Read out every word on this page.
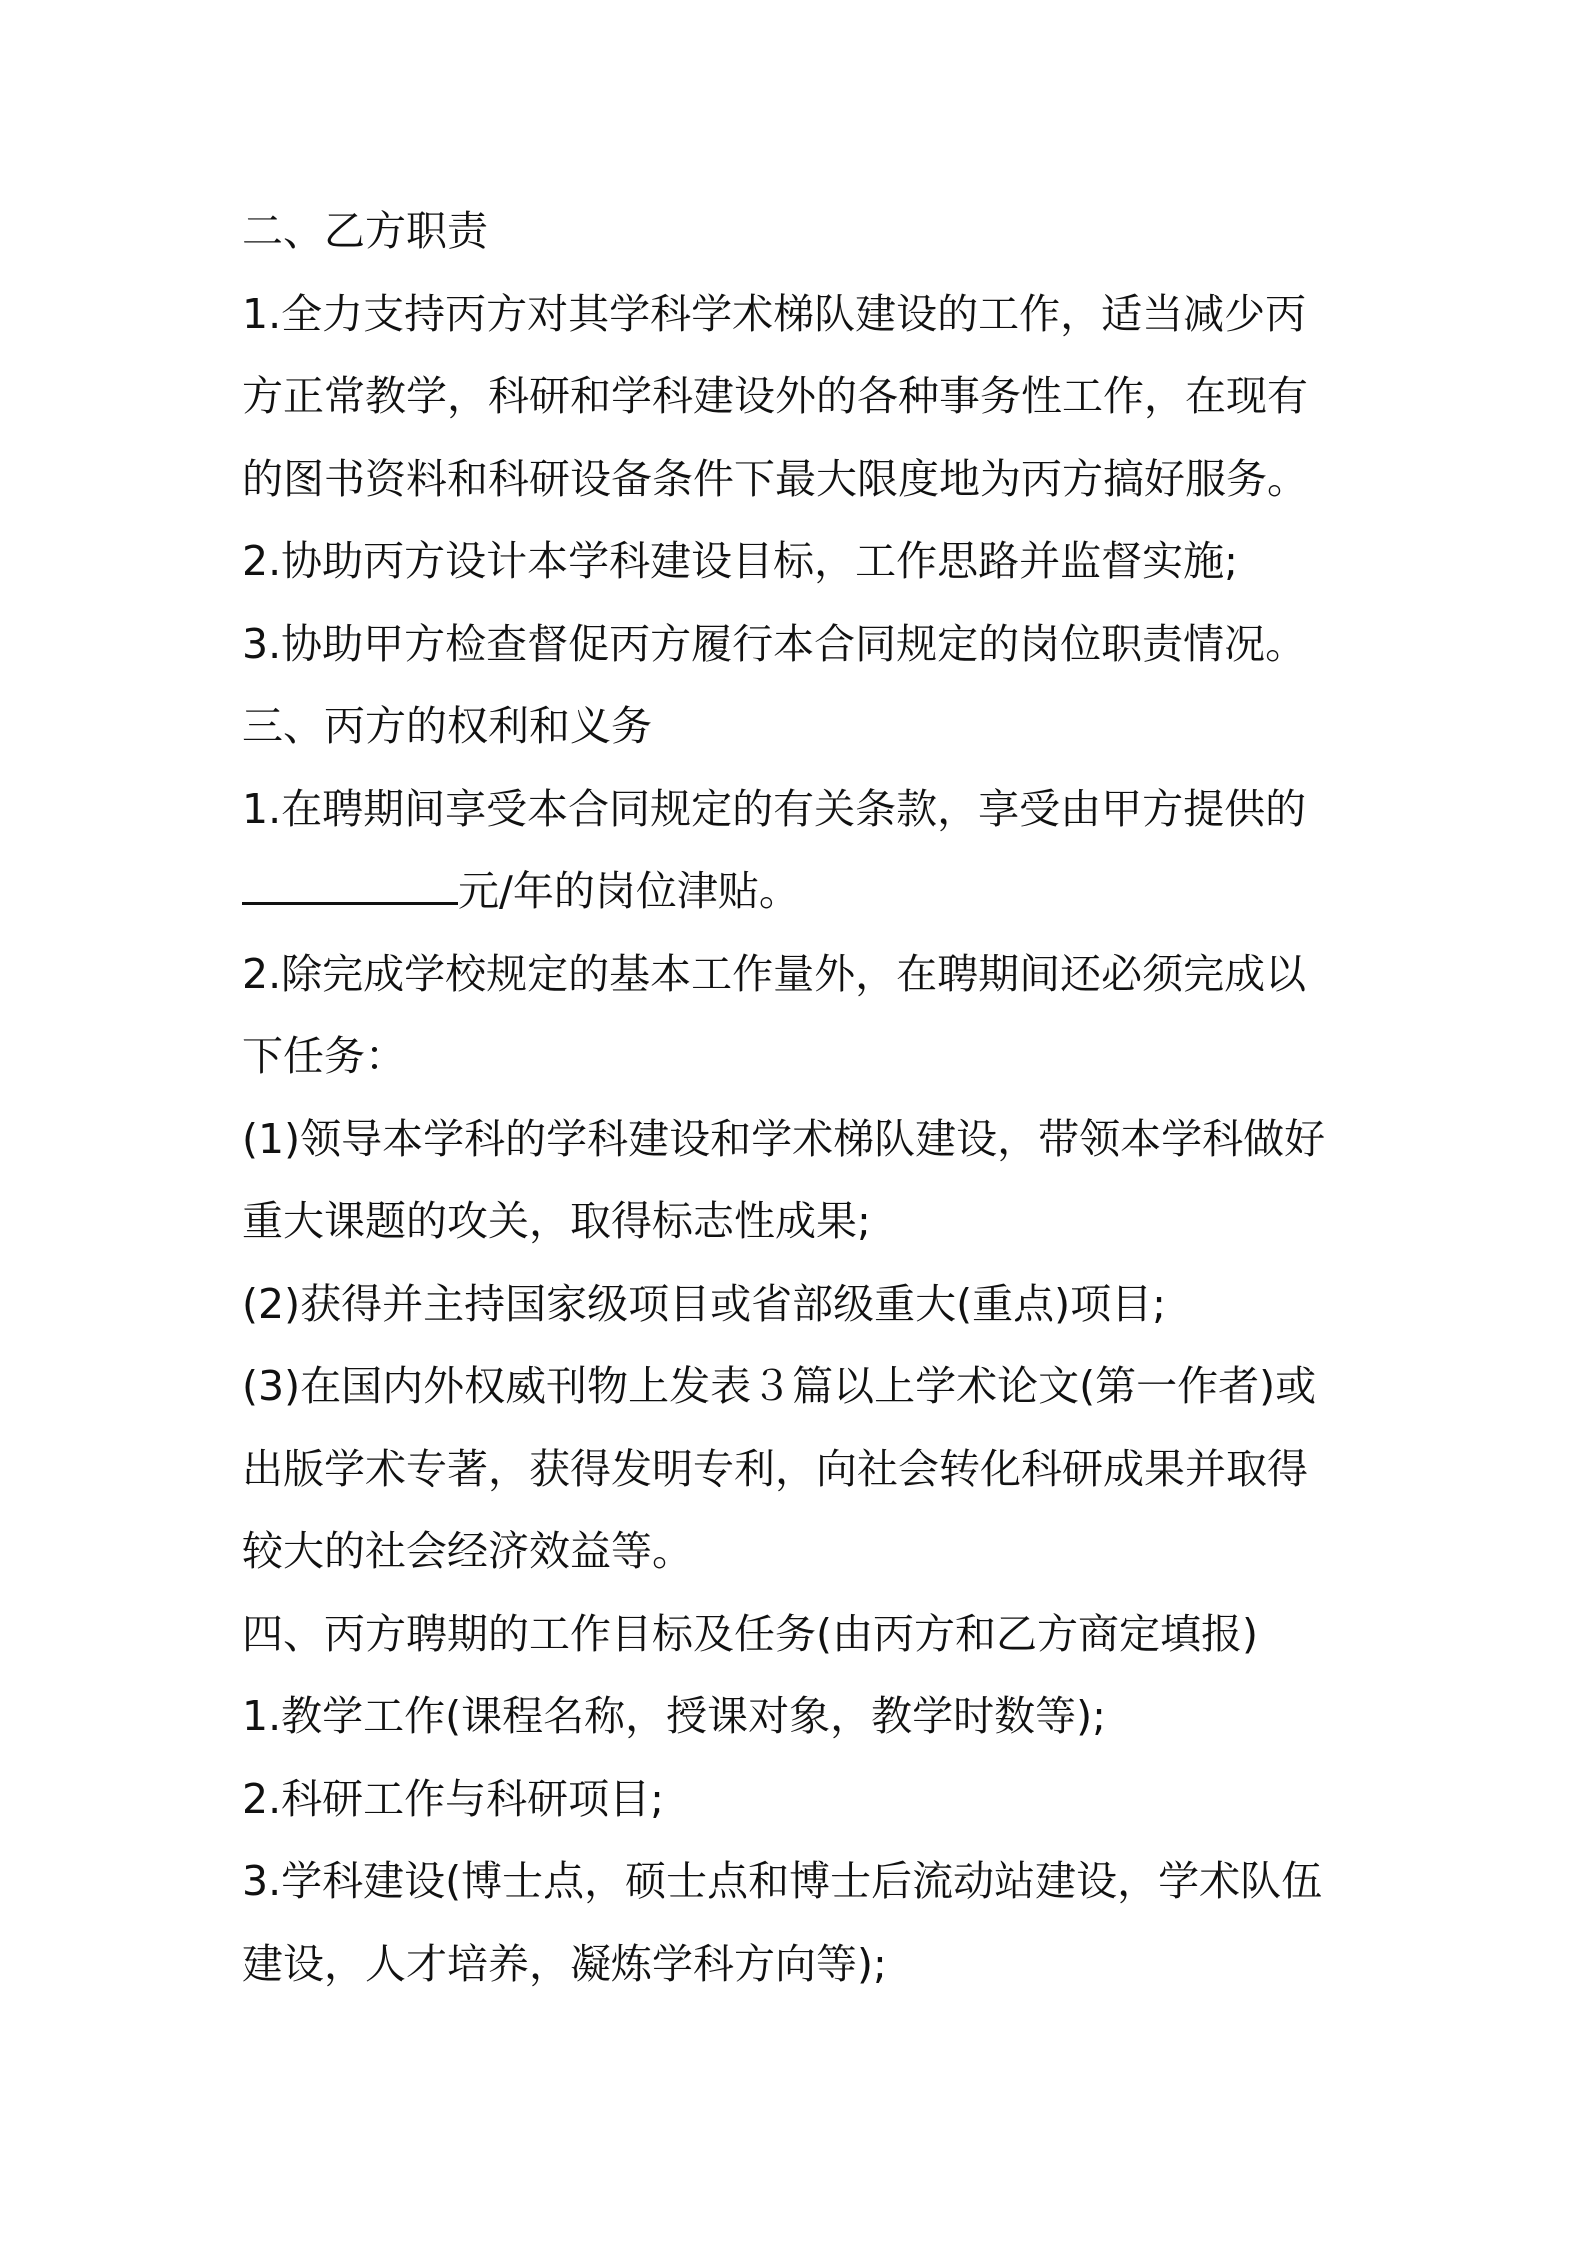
二、乙方职责
1.全力支持丙方对其学科学术梯队建设的工作，适当减少丙
方正常教学，科研和学科建设外的各种事务性工作，在现有
的图书资料和科研设备条件下最大限度地为丙方搞好服务。
2.协助丙方设计本学科建设目标，工作思路并监督实施;
3.协助甲方检查督促丙方履行本合同规定的岗位职责情况。
三、丙方的权利和义务
1.在聘期间享受本合同规定的有关条款，享受由甲方提供的
元/年的岗位津贴。
2.除完成学校规定的基本工作量外，在聘期间还必须完成以
下任务：
(1)领导本学科的学科建设和学术梯队建设，带领本学科做好
重大课题的攻关，取得标志性成果;
(2)获得并主持国家级项目或省部级重大(重点)项目;
(3)在国内外权威刊物上发表３篇以上学术论文(第一作者)或
出版学术专著，获得发明专利，向社会转化科研成果并取得
较大的社会经济效益等。
四、丙方聘期的工作目标及任务(由丙方和乙方商定填报)
1.教学工作(课程名称，授课对象，教学时数等);
2.科研工作与科研项目;
3.学科建设(博士点，硕士点和博士后流动站建设，学术队伍
建设，人才培养，凝炼学科方向等);
